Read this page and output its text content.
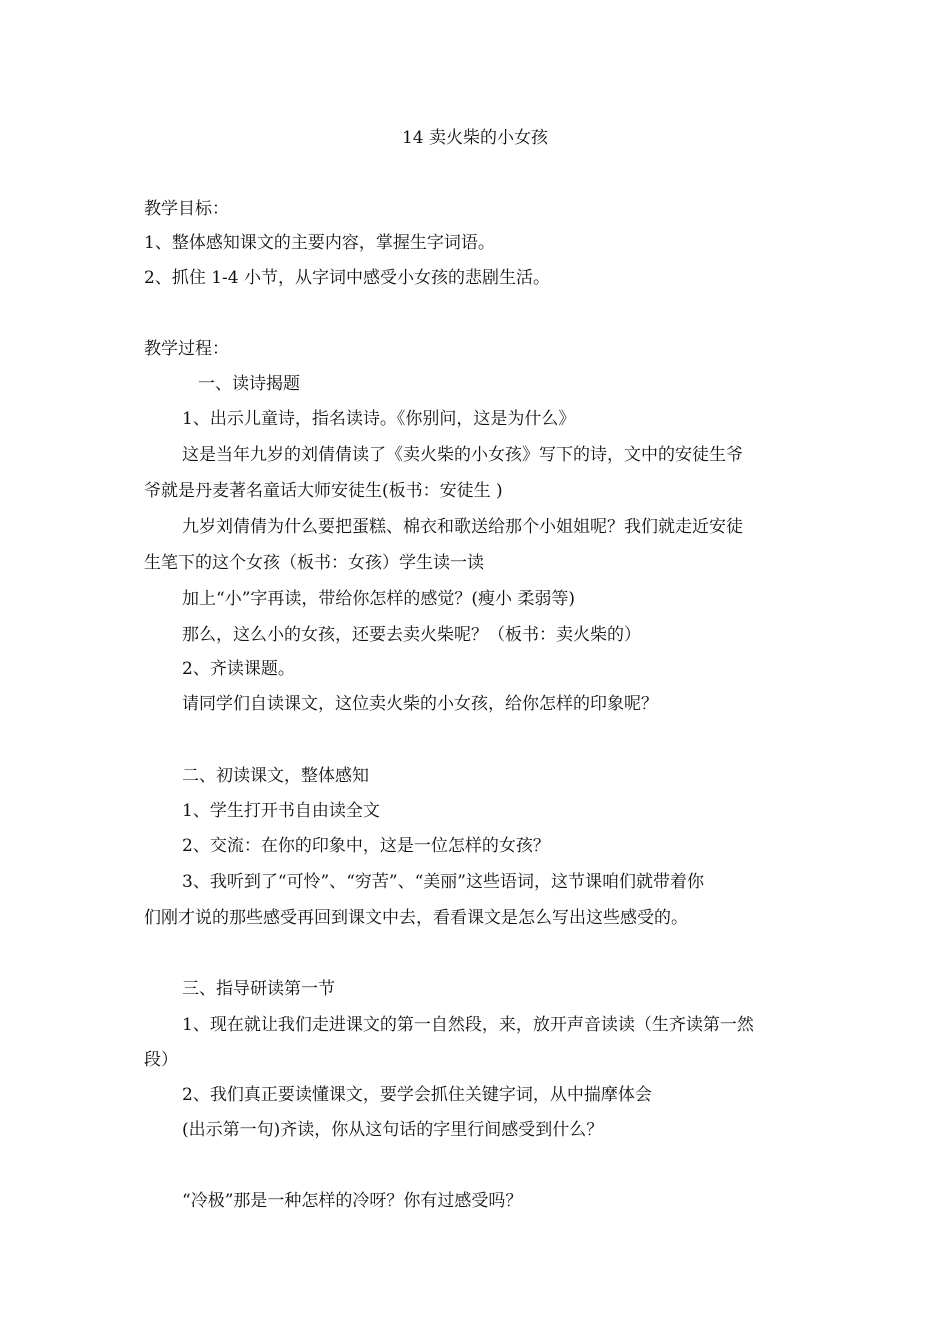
14 卖火柴的小女孩
教学目标：
1、整体感知课文的主要内容，掌握生字词语。
2、抓住 1-4 小节，从字词中感受小女孩的悲剧生活。
教学过程：
一、读诗揭题
1、出示儿童诗，指名读诗。《你别问，这是为什么》
这是当年九岁的刘倩倩读了《卖火柴的小女孩》写下的诗，文中的安徒生爷
爷就是丹麦著名童话大师安徒生(板书：安徒生 )
九岁刘倩倩为什么要把蛋糕、棉衣和歌送给那个小姐姐呢？我们就走近安徒
生笔下的这个女孩（板书：女孩）学生读一读
加上“小”字再读，带给你怎样的感觉？(瘦小 柔弱等)
那么，这么小的女孩，还要去卖火柴呢？（板书：卖火柴的）
2、齐读课题。
请同学们自读课文，这位卖火柴的小女孩，给你怎样的印象呢？
二、初读课文，整体感知
1、学生打开书自由读全文
2、交流：在你的印象中，这是一位怎样的女孩？
3、我听到了“可怜”、“穷苦”、“美丽”这些语词，这节课咱们就带着你
们刚才说的那些感受再回到课文中去，看看课文是怎么写出这些感受的。
三、指导研读第一节
1、现在就让我们走进课文的第一自然段，来，放开声音读读（生齐读第一然
段）
2、我们真正要读懂课文，要学会抓住关键字词，从中揣摩体会
(出示第一句)齐读，你从这句话的字里行间感受到什么？
“冷极”那是一种怎样的冷呀？你有过感受吗？
